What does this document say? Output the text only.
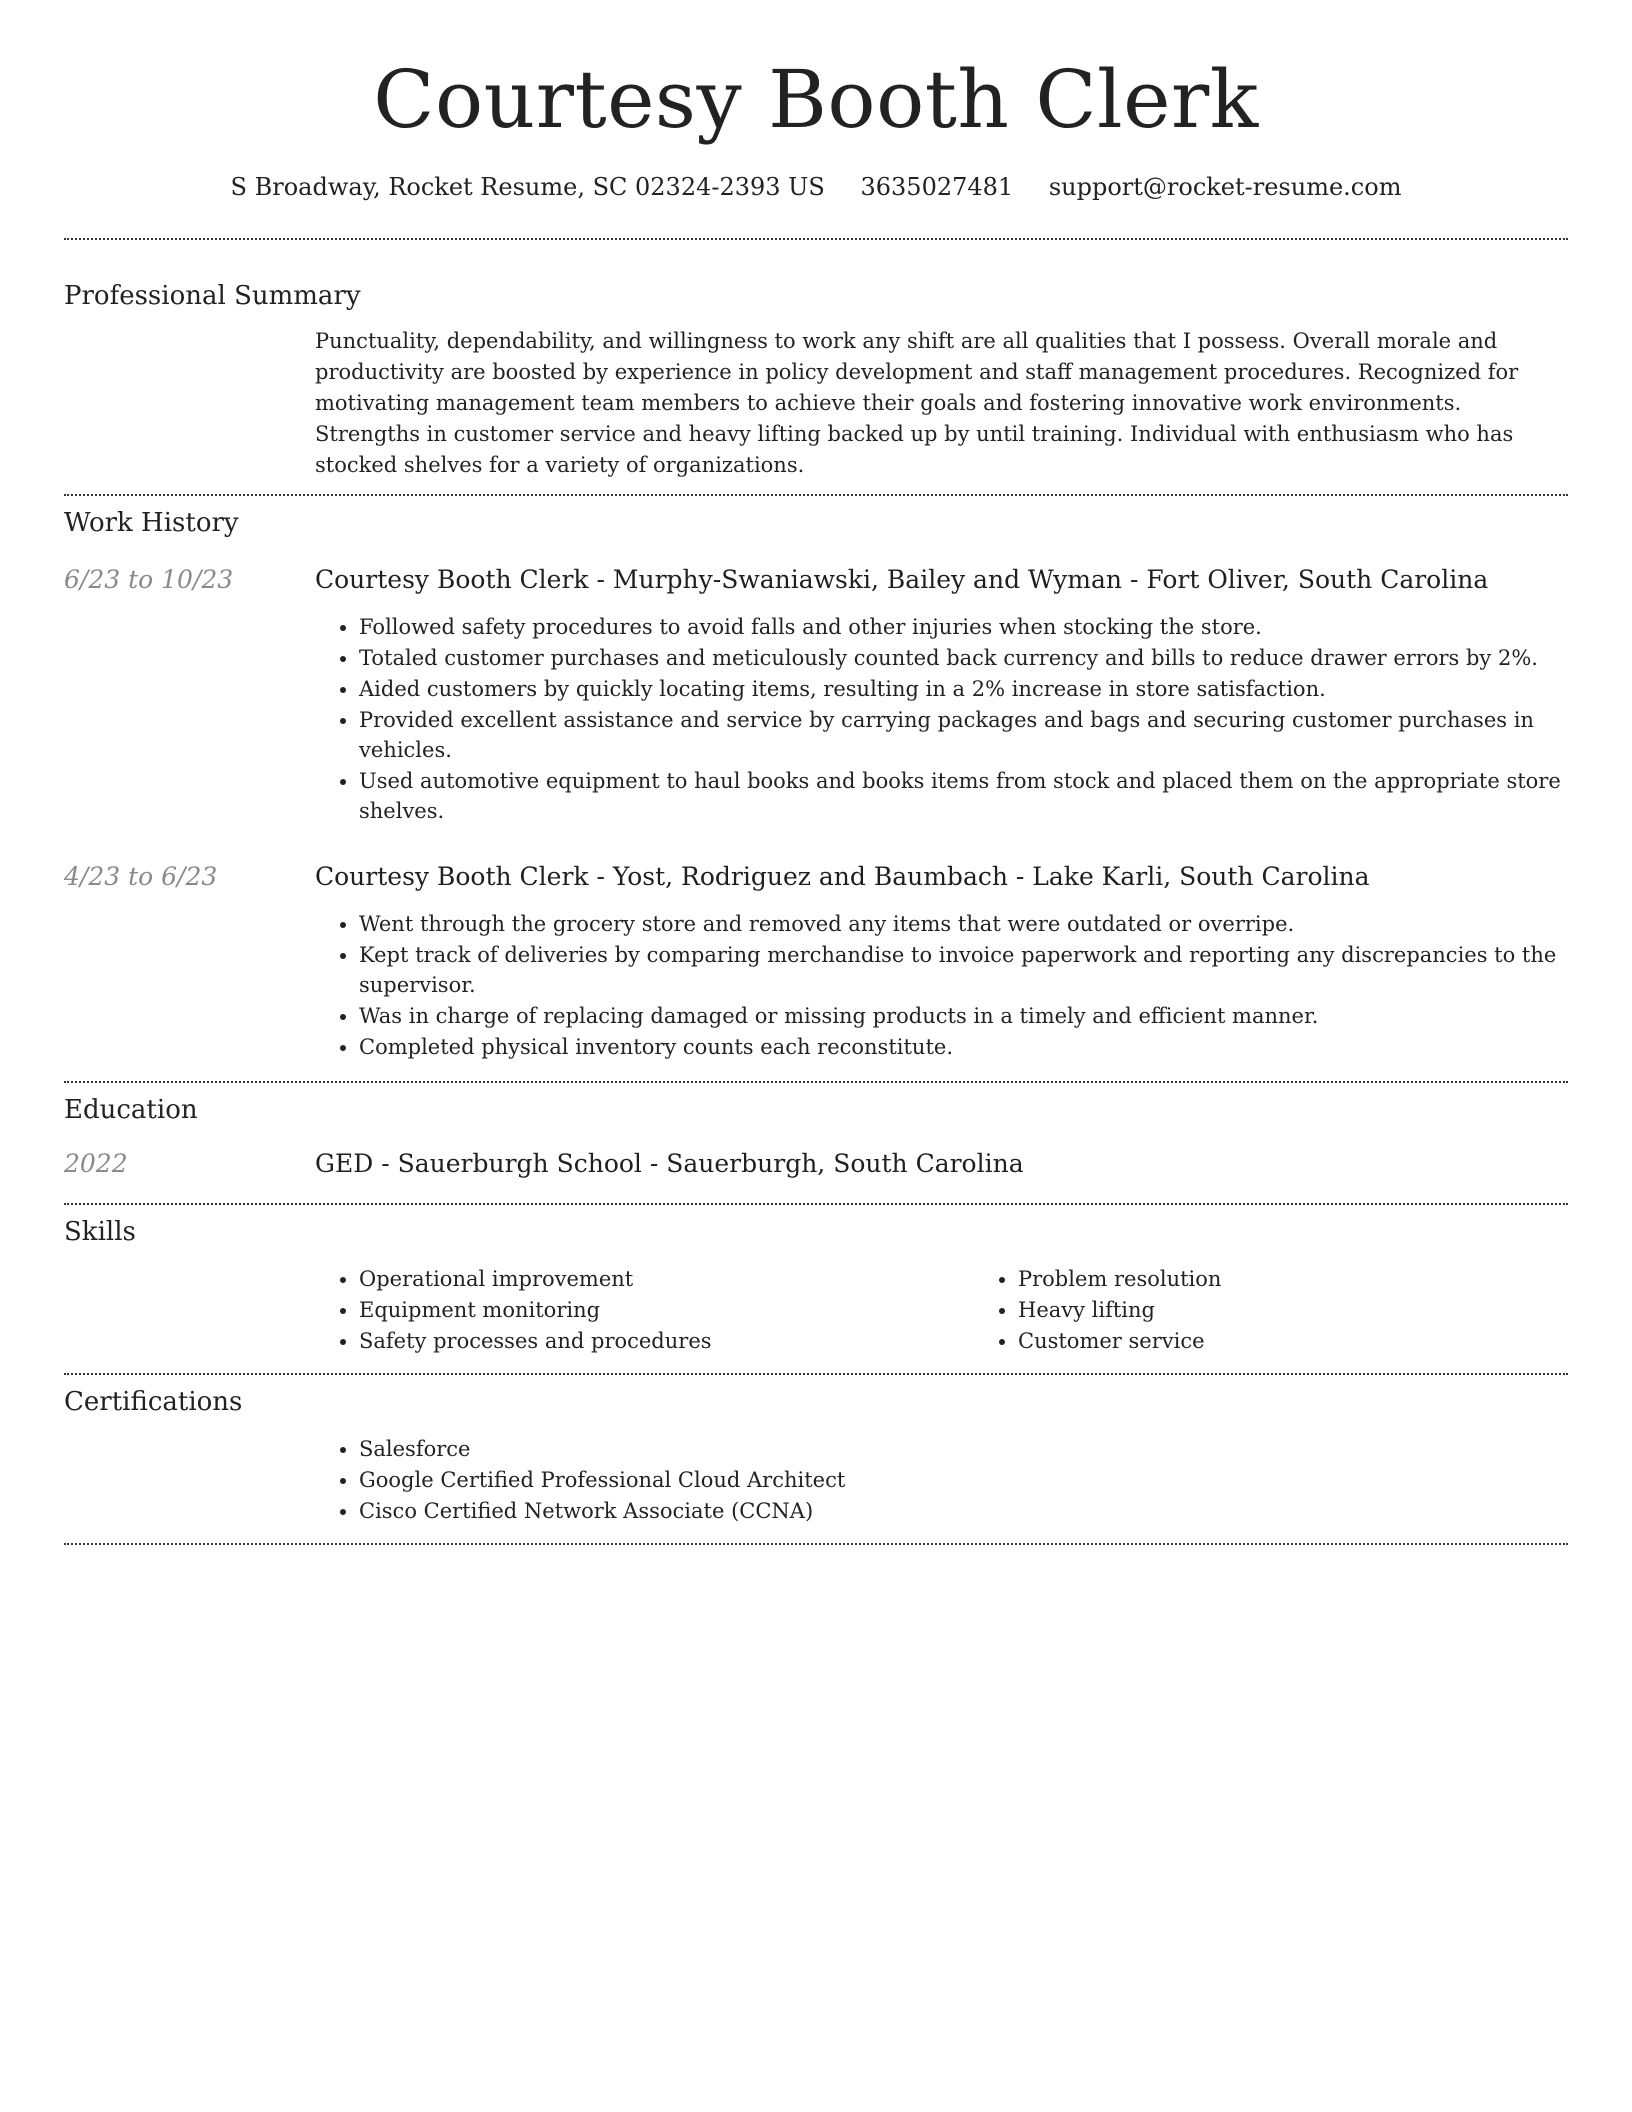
Courtesy Booth Clerk
S Broadway, Rocket Resume, SC 02324-2393 US 3635027481 support@rocket-resume.com
Professional Summary

Punctuality, dependability, and willingness to work any shift are all qualities that I possess. Overall morale and productivity are boosted by experience in policy development and staff management procedures. Recognized for motivating management team members to achieve their goals and fostering innovative work environments. Strengths in customer service and heavy lifting backed up by until training. Individual with enthusiasm who has stocked shelves for a variety of organizations.

Work History
6/23 to 10/23	Courtesy Booth Clerk - Murphy-Swaniawski, Bailey and Wyman - Fort Oliver, South Carolina

• Followed safety procedures to avoid falls and other injuries when stocking the store.
• Totaled customer purchases and meticulously counted back currency and bills to reduce drawer errors by 2%.
• Aided customers by quickly locating items, resulting in a 2% increase in store satisfaction.
• Provided excellent assistance and service by carrying packages and bags and securing customer purchases in vehicles.
• Used automotive equipment to haul books and books items from stock and placed them on the appropriate store shelves.
4/23 to 6/23	Courtesy Booth Clerk - Yost, Rodriguez and Baumbach - Lake Karli, South Carolina

• Went through the grocery store and removed any items that were outdated or overripe.
• Kept track of deliveries by comparing merchandise to invoice paperwork and reporting any discrepancies to the supervisor.
• Was in charge of replacing damaged or missing products in a timely and efficient manner.
• Completed physical inventory counts each reconstitute.
Education
2022	GED - Sauerburgh School - Sauerburgh, South Carolina

Skills
• Operational improvement
• Equipment monitoring
• Safety processes and procedures
• Problem resolution
• Heavy lifting
• Customer service
Certifications
• Salesforce
• Google Certified Professional Cloud Architect
• Cisco Certified Network Associate (CCNA)
